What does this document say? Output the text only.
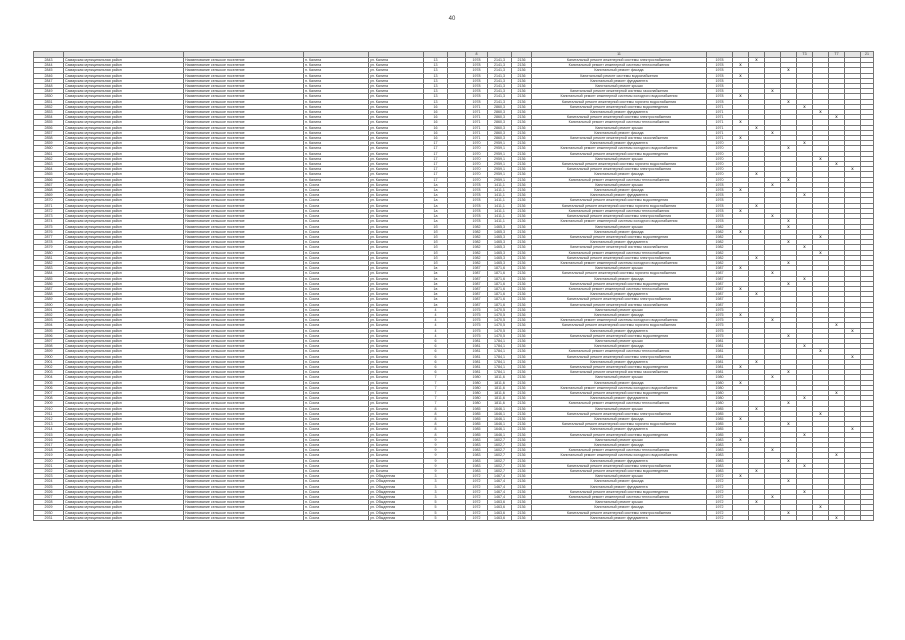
40
							8			11						T3		T7		21
2843	Самарская муниципальная район	Наименование сельское поселение	п. Калина	ул. Калина	13		1978	2141,3	2136	Капитальный ремонт инженерной системы электроснабжения	1978		Х							
2844	Самарская муниципальная район	Наименование сельское поселение	п. Калина	ул. Калина	13		1978	2141,3	2136	Капитальный ремонт инженерной системы теплоснабжения	1978	Х								
2845	Самарская муниципальная район	Наименование сельское поселение	п. Калина	ул. Калина	13		1978	2141,3	2136	Капитальный ремонт фасада	1978				Х					
2846	Самарская муниципальная район	Наименование сельское поселение	п. Калина	ул. Калина	13		1978	2141,3	2136	Капитальный ремонт системы водоснабжения	1978	Х								
2847	Самарская муниципальная район	Наименование сельское поселение	п. Калина	ул. Калина	13		1978	2141,3	2136	Капитальный ремонт фундамента	1978									
2848	Самарская муниципальная район	Наименование сельское поселение	п. Калина	ул. Калина	13		1978	2141,3	2136	Капитальный ремонт крыши	1978									
2849	Самарская муниципальная район	Наименование сельское поселение	п. Калина	ул. Калина	13		1978	2141,3	2136	Капитальный ремонт инженерной системы газоснабжения	1978			Х						
2850	Самарская муниципальная район	Наименование сельское поселение	п. Калина	ул. Калина	13		1978	2141,3	2136	Капитальный ремонт инженерной системы холодного водоснабжения	1978	Х								
2851	Самарская муниципальная район	Наименование сельское поселение	п. Калина	ул. Калина	13		1978	2141,3	2136	Капитальный ремонт инженерной системы горячего водоснабжения	1978				Х					
2852	Самарская муниципальная район	Наименование сельское поселение	п. Калина	ул. Калина	16		1971	2860,3	2136	Капитальный ремонт инженерной системы водоотведения	1971					Х				
2853	Самарская муниципальная район	Наименование сельское поселение	п. Калина	ул. Калина	16		1971	2860,3	2136	Капитальный ремонт фундамента	1971						Х			
2854	Самарская муниципальная район	Наименование сельское поселение	п. Калина	ул. Калина	16		1971	2860,3	2136	Капитальный ремонт инженерной системы электроснабжения	1971							Х		
2855	Самарская муниципальная район	Наименование сельское поселение	п. Калина	ул. Калина	16		1971	2860,3	2136	Капитальный ремонт инженерной системы теплоснабжения	1971	Х								
2856	Самарская муниципальная район	Наименование сельское поселение	п. Калина	ул. Калина	16		1971	2860,3	2136	Капитальный ремонт крыши	1971		Х							
2857	Самарская муниципальная район	Наименование сельское поселение	п. Калина	ул. Калина	16		1971	2860,3	2136	Капитальный ремонт фасада	1971			Х						
2858	Самарская муниципальная район	Наименование сельское поселение	п. Калина	ул. Калина	16		1971	2860,3	2136	Капитальный ремонт инженерной системы газоснабжения	1971	Х								
2859	Самарская муниципальная район	Наименование сельское поселение	п. Калина	ул. Калина	17		1970	2959,1	2136	Капитальный ремонт фундамента	1970					Х				
2860	Самарская муниципальная район	Наименование сельское поселение	п. Калина	ул. Калина	17		1970	2959,1	2136	Капитальный ремонт инженерной системы холодного водоснабжения	1970				Х					
2861	Самарская муниципальная район	Наименование сельское поселение	п. Калина	ул. Калина	17		1970	2959,1	2136	Капитальный ремонт инженерной системы водоотведения	1970									
2862	Самарская муниципальная район	Наименование сельское поселение	п. Калина	ул. Калина	17		1970	2959,1	2136	Капитальный ремонт крыши	1970						Х			
2863	Самарская муниципальная район	Наименование сельское поселение	п. Калина	ул. Калина	17		1970	2959,1	2136	Капитальный ремонт инженерной системы горячего водоснабжения	1970							Х		
2864	Самарская муниципальная район	Наименование сельское поселение	п. Калина	ул. Калина	17		1970	2959,1	2136	Капитальный ремонт инженерной системы электроснабжения	1970								Х	
2865	Самарская муниципальная район	Наименование сельское поселение	п. Калина	ул. Калина	17		1970	2959,1	2136	Капитальный ремонт фасада	1970		Х							
2866	Самарская муниципальная район	Наименование сельское поселение	п. Калина	ул. Калина	17		1970	2959,1	2136	Капитальный ремонт инженерной системы теплоснабжения	1970				Х					
2867	Самарская муниципальная район	Наименование сельское поселение	п. Соспа	ул. Бочина	1а		1978	1411,1	2136	Капитальный ремонт крыши	1978			Х						
2868	Самарская муниципальная район	Наименование сельское поселение	п. Соспа	ул. Бочина	1а		1978	1411,1	2136	Капитальный ремонт фасада	1978	Х								
2869	Самарская муниципальная район	Наименование сельское поселение	п. Соспа	ул. Бочина	1а		1978	1411,1	2136	Капитальный ремонт фундамента	1978					Х				
2870	Самарская муниципальная район	Наименование сельское поселение	п. Соспа	ул. Бочина	1а		1978	1411,1	2136	Капитальный ремонт инженерной системы водоотведения	1978									
2871	Самарская муниципальная район	Наименование сельское поселение	п. Соспа	ул. Бочина	1а		1978	1411,1	2136	Капитальный ремонт инженерной системы горячего водоснабжения	1978		Х							
2872	Самарская муниципальная район	Наименование сельское поселение	п. Соспа	ул. Бочина	1а		1978	1411,1	2136	Капитальный ремонт инженерной системы теплоснабжения	1978	Х								
2873	Самарская муниципальная район	Наименование сельское поселение	п. Соспа	ул. Бочина	1а		1978	1411,1	2136	Капитальный ремонт инженерной системы электроснабжения	1978			Х						
2874	Самарская муниципальная район	Наименование сельское поселение	п. Соспа	ул. Бочина	1а		1978	1411,1	2136	Капитальный ремонт инженерной системы холодного водоснабжения	1978				Х					
2875	Самарская муниципальная район	Наименование сельское поселение	п. Соспа	ул. Бочина	1б		1982	1465,3	2136	Капитальный ремонт крыши	1982				Х					
2876	Самарская муниципальная район	Наименование сельское поселение	п. Соспа	ул. Бочина	1б		1982	1465,3	2136	Капитальный ремонт фасада	1982	Х								
2877	Самарская муниципальная район	Наименование сельское поселение	п. Соспа	ул. Бочина	1б		1982	1465,3	2136	Капитальный ремонт инженерной системы водоотведения	1982						Х			
2878	Самарская муниципальная район	Наименование сельское поселение	п. Соспа	ул. Бочина	1б		1982	1465,3	2136	Капитальный ремонт фундамента	1982				Х					
2879	Самарская муниципальная район	Наименование сельское поселение	п. Соспа	ул. Бочина	1б		1982	1465,3	2136	Капитальный ремонт инженерной системы газоснабжения	1982					Х				
2880	Самарская муниципальная район	Наименование сельское поселение	п. Соспа	ул. Бочина	1б		1982	1465,3	2136	Капитальный ремонт инженерной системы теплоснабжения	1982						Х			
2881	Самарская муниципальная район	Наименование сельское поселение	п. Соспа	ул. Бочина	1б		1982	1465,3	2136	Капитальный ремонт инженерной системы электроснабжения	1982		Х							
2882	Самарская муниципальная район	Наименование сельское поселение	п. Соспа	ул. Бочина	1б		1982	1465,3	2136	Капитальный ремонт инженерной системы холодного водоснабжения	1982				Х					
2883	Самарская муниципальная район	Наименование сельское поселение	п. Соспа	ул. Бочина	1в		1987	1871,6	2136	Капитальный ремонт крыши	1987	Х								
2884	Самарская муниципальная район	Наименование сельское поселение	п. Соспа	ул. Бочина	1в		1987	1871,6	2136	Капитальный ремонт инженерной системы горячего водоснабжения	1987			Х						
2885	Самарская муниципальная район	Наименование сельское поселение	п. Соспа	ул. Бочина	1в		1987	1871,6	2136	Капитальный ремонт фасада	1987					Х				
2886	Самарская муниципальная район	Наименование сельское поселение	п. Соспа	ул. Бочина	1в		1987	1871,6	2136	Капитальный ремонт инженерной системы водоотведения	1987				Х					
2887	Самарская муниципальная район	Наименование сельское поселение	п. Соспа	ул. Бочина	1в		1987	1871,6	2136	Капитальный ремонт инженерной системы теплоснабжения	1987	Х								
2888	Самарская муниципальная район	Наименование сельское поселение	п. Соспа	ул. Бочина	1в		1987	1871,6	2136	Капитальный ремонт фундамента	1987		Х							
2889	Самарская муниципальная район	Наименование сельское поселение	п. Соспа	ул. Бочина	1в		1987	1871,6	2136	Капитальный ремонт инженерной системы электроснабжения	1987									
2890	Самарская муниципальная район	Наименование сельское поселение	п. Соспа	ул. Бочина	1в		1987	1871,6	2136	Капитальный ремонт инженерной системы газоснабжения	1987									
2891	Самарская муниципальная район	Наименование сельское поселение	п. Соспа	ул. Бочина	4		1975	1470,5	2136	Капитальный ремонт крыши	1975									
2892	Самарская муниципальная район	Наименование сельское поселение	п. Соспа	ул. Бочина	4		1975	1470,5	2136	Капитальный ремонт фасада	1975	Х								
2893	Самарская муниципальная район	Наименование сельское поселение	п. Соспа	ул. Бочина	4		1975	1470,5	2136	Капитальный ремонт инженерной системы холодного водоснабжения	1975			Х						
2894	Самарская муниципальная район	Наименование сельское поселение	п. Соспа	ул. Бочина	4		1975	1470,5	2136	Капитальный ремонт инженерной системы горячего водоснабжения	1975							Х		
2895	Самарская муниципальная район	Наименование сельское поселение	п. Соспа	ул. Бочина	4		1975	1470,5	2136	Капитальный ремонт фундамента	1975								Х	
2896	Самарская муниципальная район	Наименование сельское поселение	п. Соспа	ул. Бочина	4		1975	1470,5	2136	Капитальный ремонт инженерной системы водоотведения	1975				Х					
2897	Самарская муниципальная район	Наименование сельское поселение	п. Соспа	ул. Бочина	6		1981	1784,1	2136	Капитальный ремонт крыши	1981									
2898	Самарская муниципальная район	Наименование сельское поселение	п. Соспа	ул. Бочина	6		1981	1784,1	2136	Капитальный ремонт фасада	1981					Х				
2899	Самарская муниципальная район	Наименование сельское поселение	п. Соспа	ул. Бочина	6		1981	1784,1	2136	Капитальный ремонт инженерной системы теплоснабжения	1981						Х			
2900	Самарская муниципальная район	Наименование сельское поселение	п. Соспа	ул. Бочина	6		1981	1784,1	2136	Капитальный ремонт инженерной системы электроснабжения	1981								Х	
2901	Самарская муниципальная район	Наименование сельское поселение	п. Соспа	ул. Бочина	6		1981	1784,1	2136	Капитальный ремонт фундамента	1981		Х							
2902	Самарская муниципальная район	Наименование сельское поселение	п. Соспа	ул. Бочина	6		1981	1784,1	2136	Капитальный ремонт инженерной системы водоотведения	1981	Х								
2903	Самарская муниципальная район	Наименование сельское поселение	п. Соспа	ул. Бочина	6		1981	1784,1	2136	Капитальный ремонт инженерной системы газоснабжения	1981				Х					
2904	Самарская муниципальная район	Наименование сельское поселение	п. Соспа	ул. Бочина	7		1980	1811,6	2136	Капитальный ремонт крыши	1980			Х						
2905	Самарская муниципальная район	Наименование сельское поселение	п. Соспа	ул. Бочина	7		1980	1811,6	2136	Капитальный ремонт фасада	1980	Х								
2906	Самарская муниципальная район	Наименование сельское поселение	п. Соспа	ул. Бочина	7		1980	1811,6	2136	Капитальный ремонт инженерной системы холодного водоснабжения	1980									
2907	Самарская муниципальная район	Наименование сельское поселение	п. Соспа	ул. Бочина	7		1980	1811,6	2136	Капитальный ремонт инженерной системы водоотведения	1980							Х		
2908	Самарская муниципальная район	Наименование сельское поселение	п. Соспа	ул. Бочина	7		1980	1811,6	2136	Капитальный ремонт фундамента	1980					Х				
2909	Самарская муниципальная район	Наименование сельское поселение	п. Соспа	ул. Бочина	7		1980	1811,6	2136	Капитальный ремонт инженерной системы теплоснабжения	1980				Х					
2910	Самарская муниципальная район	Наименование сельское поселение	п. Соспа	ул. Бочина	8		1985	1646,1	2136	Капитальный ремонт крыши	1985		Х							
2911	Самарская муниципальная район	Наименование сельское поселение	п. Соспа	ул. Бочина	8		1985	1646,1	2136	Капитальный ремонт инженерной системы электроснабжения	1985						Х			
2912	Самарская муниципальная район	Наименование сельское поселение	п. Соспа	ул. Бочина	8		1985	1646,1	2136	Капитальный ремонт фасада	1985	Х								
2913	Самарская муниципальная район	Наименование сельское поселение	п. Соспа	ул. Бочина	8		1985	1646,1	2136	Капитальный ремонт инженерной системы горячего водоснабжения	1985				Х					
2914	Самарская муниципальная район	Наименование сельское поселение	п. Соспа	ул. Бочина	8		1985	1646,1	2136	Капитальный ремонт фундамента	1985								Х	
2915	Самарская муниципальная район	Наименование сельское поселение	п. Соспа	ул. Бочина	8		1985	1646,1	2136	Капитальный ремонт инженерной системы водоотведения	1985					Х				
2916	Самарская муниципальная район	Наименование сельское поселение	п. Соспа	ул. Бочина	9		1983	1602,7	2136	Капитальный ремонт крыши	1983	Х								
2917	Самарская муниципальная район	Наименование сельское поселение	п. Соспа	ул. Бочина	9		1983	1602,7	2136	Капитальный ремонт фасада	1983									
2918	Самарская муниципальная район	Наименование сельское поселение	п. Соспа	ул. Бочина	9		1983	1602,7	2136	Капитальный ремонт инженерной системы теплоснабжения	1983			Х						
2919	Самарская муниципальная район	Наименование сельское поселение	п. Соспа	ул. Бочина	9		1983	1602,7	2136	Капитальный ремонт инженерной системы холодного водоснабжения	1983							Х		
2920	Самарская муниципальная район	Наименование сельское поселение	п. Соспа	ул. Бочина	9		1983	1602,7	2136	Капитальный ремонт фундамента	1983				Х					
2921	Самарская муниципальная район	Наименование сельское поселение	п. Соспа	ул. Бочина	9		1983	1602,7	2136	Капитальный ремонт инженерной системы электроснабжения	1983					Х				
2922	Самарская муниципальная район	Наименование сельское поселение	п. Соспа	ул. Бочина	9		1983	1602,7	2136	Капитальный ремонт инженерной системы водоотведения	1983		Х							
2923	Самарская муниципальная район	Наименование сельское поселение	п. Соспа	ул. Обыденная	3		1972	1467,4	2136	Капитальный ремонт крыши	1972	Х								
2924	Самарская муниципальная район	Наименование сельское поселение	п. Соспа	ул. Обыденная	3		1972	1467,4	2136	Капитальный ремонт фасада	1972				Х					
2925	Самарская муниципальная район	Наименование сельское поселение	п. Соспа	ул. Обыденная	3		1972	1467,4	2136	Капитальный ремонт фундамента	1972									
2926	Самарская муниципальная район	Наименование сельское поселение	п. Соспа	ул. Обыденная	3		1972	1467,4	2136	Капитальный ремонт инженерной системы водоотведения	1972					Х				
2927	Самарская муниципальная район	Наименование сельское поселение	п. Соспа	ул. Обыденная	3		1972	1467,4	2136	Капитальный ремонт инженерной системы теплоснабжения	1972			Х						
2928	Самарская муниципальная район	Наименование сельское поселение	п. Соспа	ул. Обыденная	5		1972	1463,6	2136	Капитальный ремонт крыши	1972		Х							
2929	Самарская муниципальная район	Наименование сельское поселение	п. Соспа	ул. Обыденная	5		1972	1463,6	2136	Капитальный ремонт фасада	1972						Х			
2930	Самарская муниципальная район	Наименование сельское поселение	п. Соспа	ул. Обыденная	5		1972	1463,6	2136	Капитальный ремонт инженерной системы электроснабжения	1972				Х					
2931	Самарская муниципальная район	Наименование сельское поселение	п. Соспа	ул. Обыденная	5		1972	1463,6	2136	Капитальный ремонт фундамента	1972							Х		
